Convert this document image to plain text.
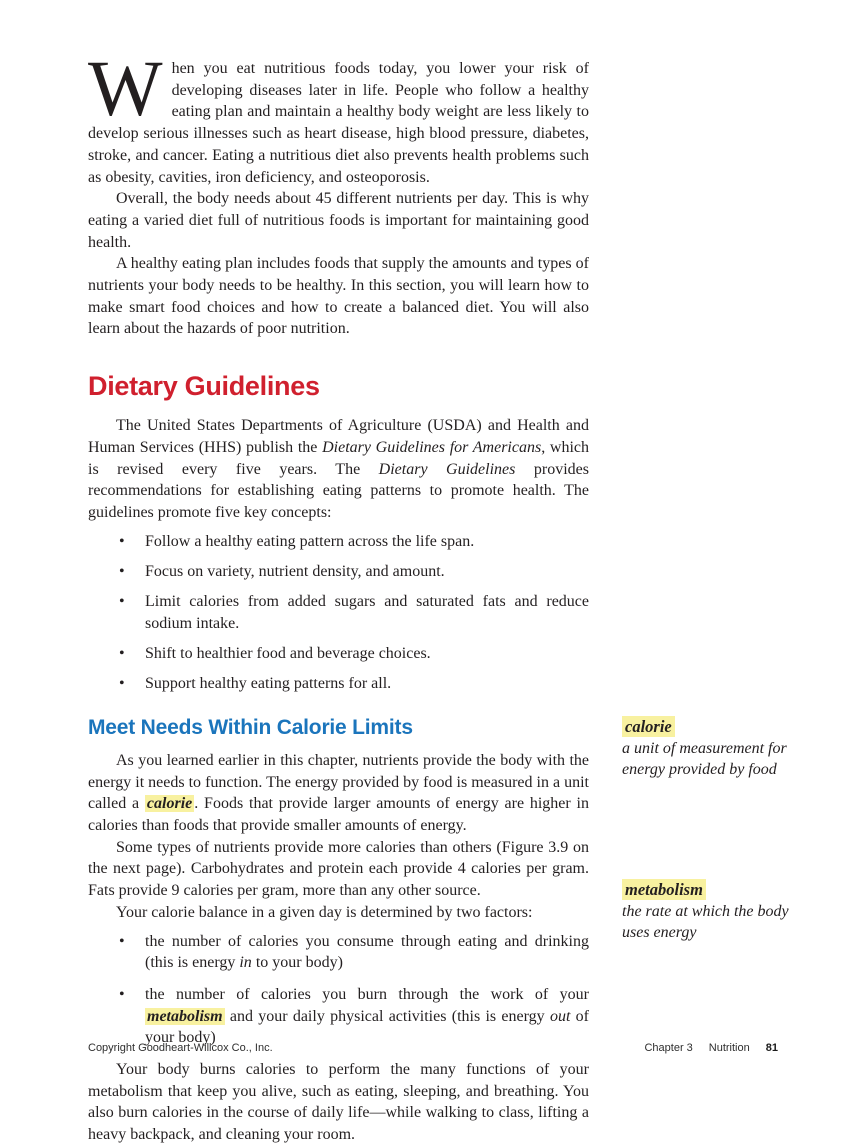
When you eat nutritious foods today, you lower your risk of developing diseases later in life. People who follow a healthy eating plan and maintain a healthy body weight are less likely to develop serious illnesses such as heart disease, high blood pressure, diabetes, stroke, and cancer. Eating a nutritious diet also prevents health problems such as obesity, cavities, iron deficiency, and osteoporosis.

Overall, the body needs about 45 different nutrients per day. This is why eating a varied diet full of nutritious foods is important for maintaining good health.

A healthy eating plan includes foods that supply the amounts and types of nutrients your body needs to be healthy. In this section, you will learn how to make smart food choices and how to create a balanced diet. You will also learn about the hazards of poor nutrition.

Dietary Guidelines

The United States Departments of Agriculture (USDA) and Health and Human Services (HHS) publish the Dietary Guidelines for Americans, which is revised every five years. The Dietary Guidelines provides recommendations for establishing eating patterns to promote health. The guidelines promote five key concepts:

• Follow a healthy eating pattern across the life span.
• Focus on variety, nutrient density, and amount.
• Limit calories from added sugars and saturated fats and reduce sodium intake.
• Shift to healthier food and beverage choices.
• Support healthy eating patterns for all.
Meet Needs Within Calorie Limits

As you learned earlier in this chapter, nutrients provide the body with the energy it needs to function. The energy provided by food is measured in a unit called a calorie . Foods that provide larger amounts of energy are higher in calories than foods that provide smaller amounts of energy.

Some types of nutrients provide more calories than others (Figure 3.9 on the next page). Carbohydrates and protein each provide 4 calories per gram. Fats provide 9 calories per gram, more than any other source.

Your calorie balance in a given day is determined by two factors:

• the number of calories you consume through eating and drinking (this is energy in to your body)
• the number of calories you burn through the work of your metabolism and your daily physical activities (this is energy out of your body)

Your body burns calories to perform the many functions of your metabolism that keep you alive, such as eating, sleeping, and breathing. You also burn calories in the course of daily life—while walking to class, lifting a heavy backpack, and cleaning your room.

calorie
a unit of measurement for energy provided by food
metabolism
the rate at which the body uses energy
Copyright Goodheart-Willcox Co., Inc.	Chapter 3 Nutrition 81
